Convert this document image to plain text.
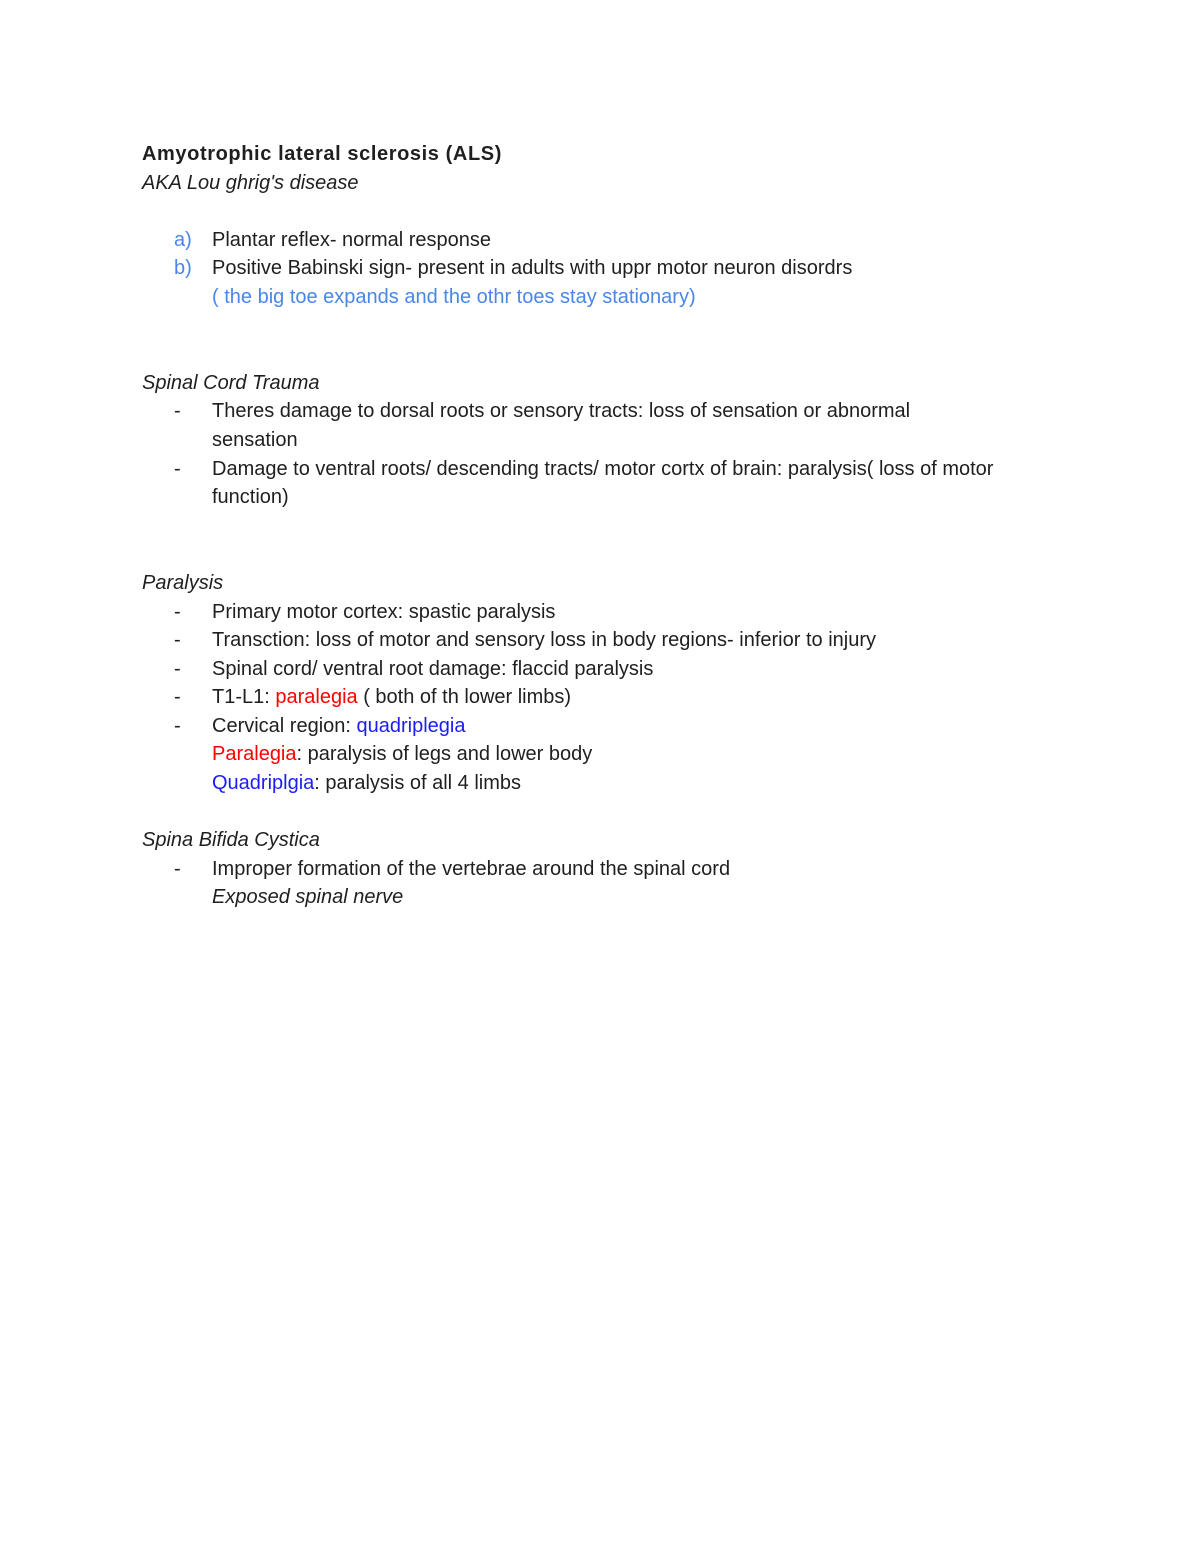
Amyotrophic lateral sclerosis (ALS)
AKA Lou ghrig's disease
a)	Plantar reflex- normal response
b)	Positive Babinski sign- present in adults with uppr motor neuron disordrs
( the big toe expands and the othr toes stay stationary)
Spinal Cord Trauma
-	Theres damage to dorsal roots or sensory tracts: loss of sensation or abnormal
sensation
-	Damage to ventral roots/ descending tracts/ motor cortx of brain: paralysis( loss of motor
function)
Paralysis
-	Primary motor cortex: spastic paralysis
-	Transction: loss of motor and sensory loss in body regions- inferior to injury
-	Spinal cord/ ventral root damage: flaccid paralysis
-	T1-L1: paralegia ( both of th lower limbs)
-	Cervical region: quadriplegia
Paralegia: paralysis of legs and lower body
Quadriplgia: paralysis of all 4 limbs
Spina Bifida Cystica
-	Improper formation of the vertebrae around the spinal cord
Exposed spinal nerve
